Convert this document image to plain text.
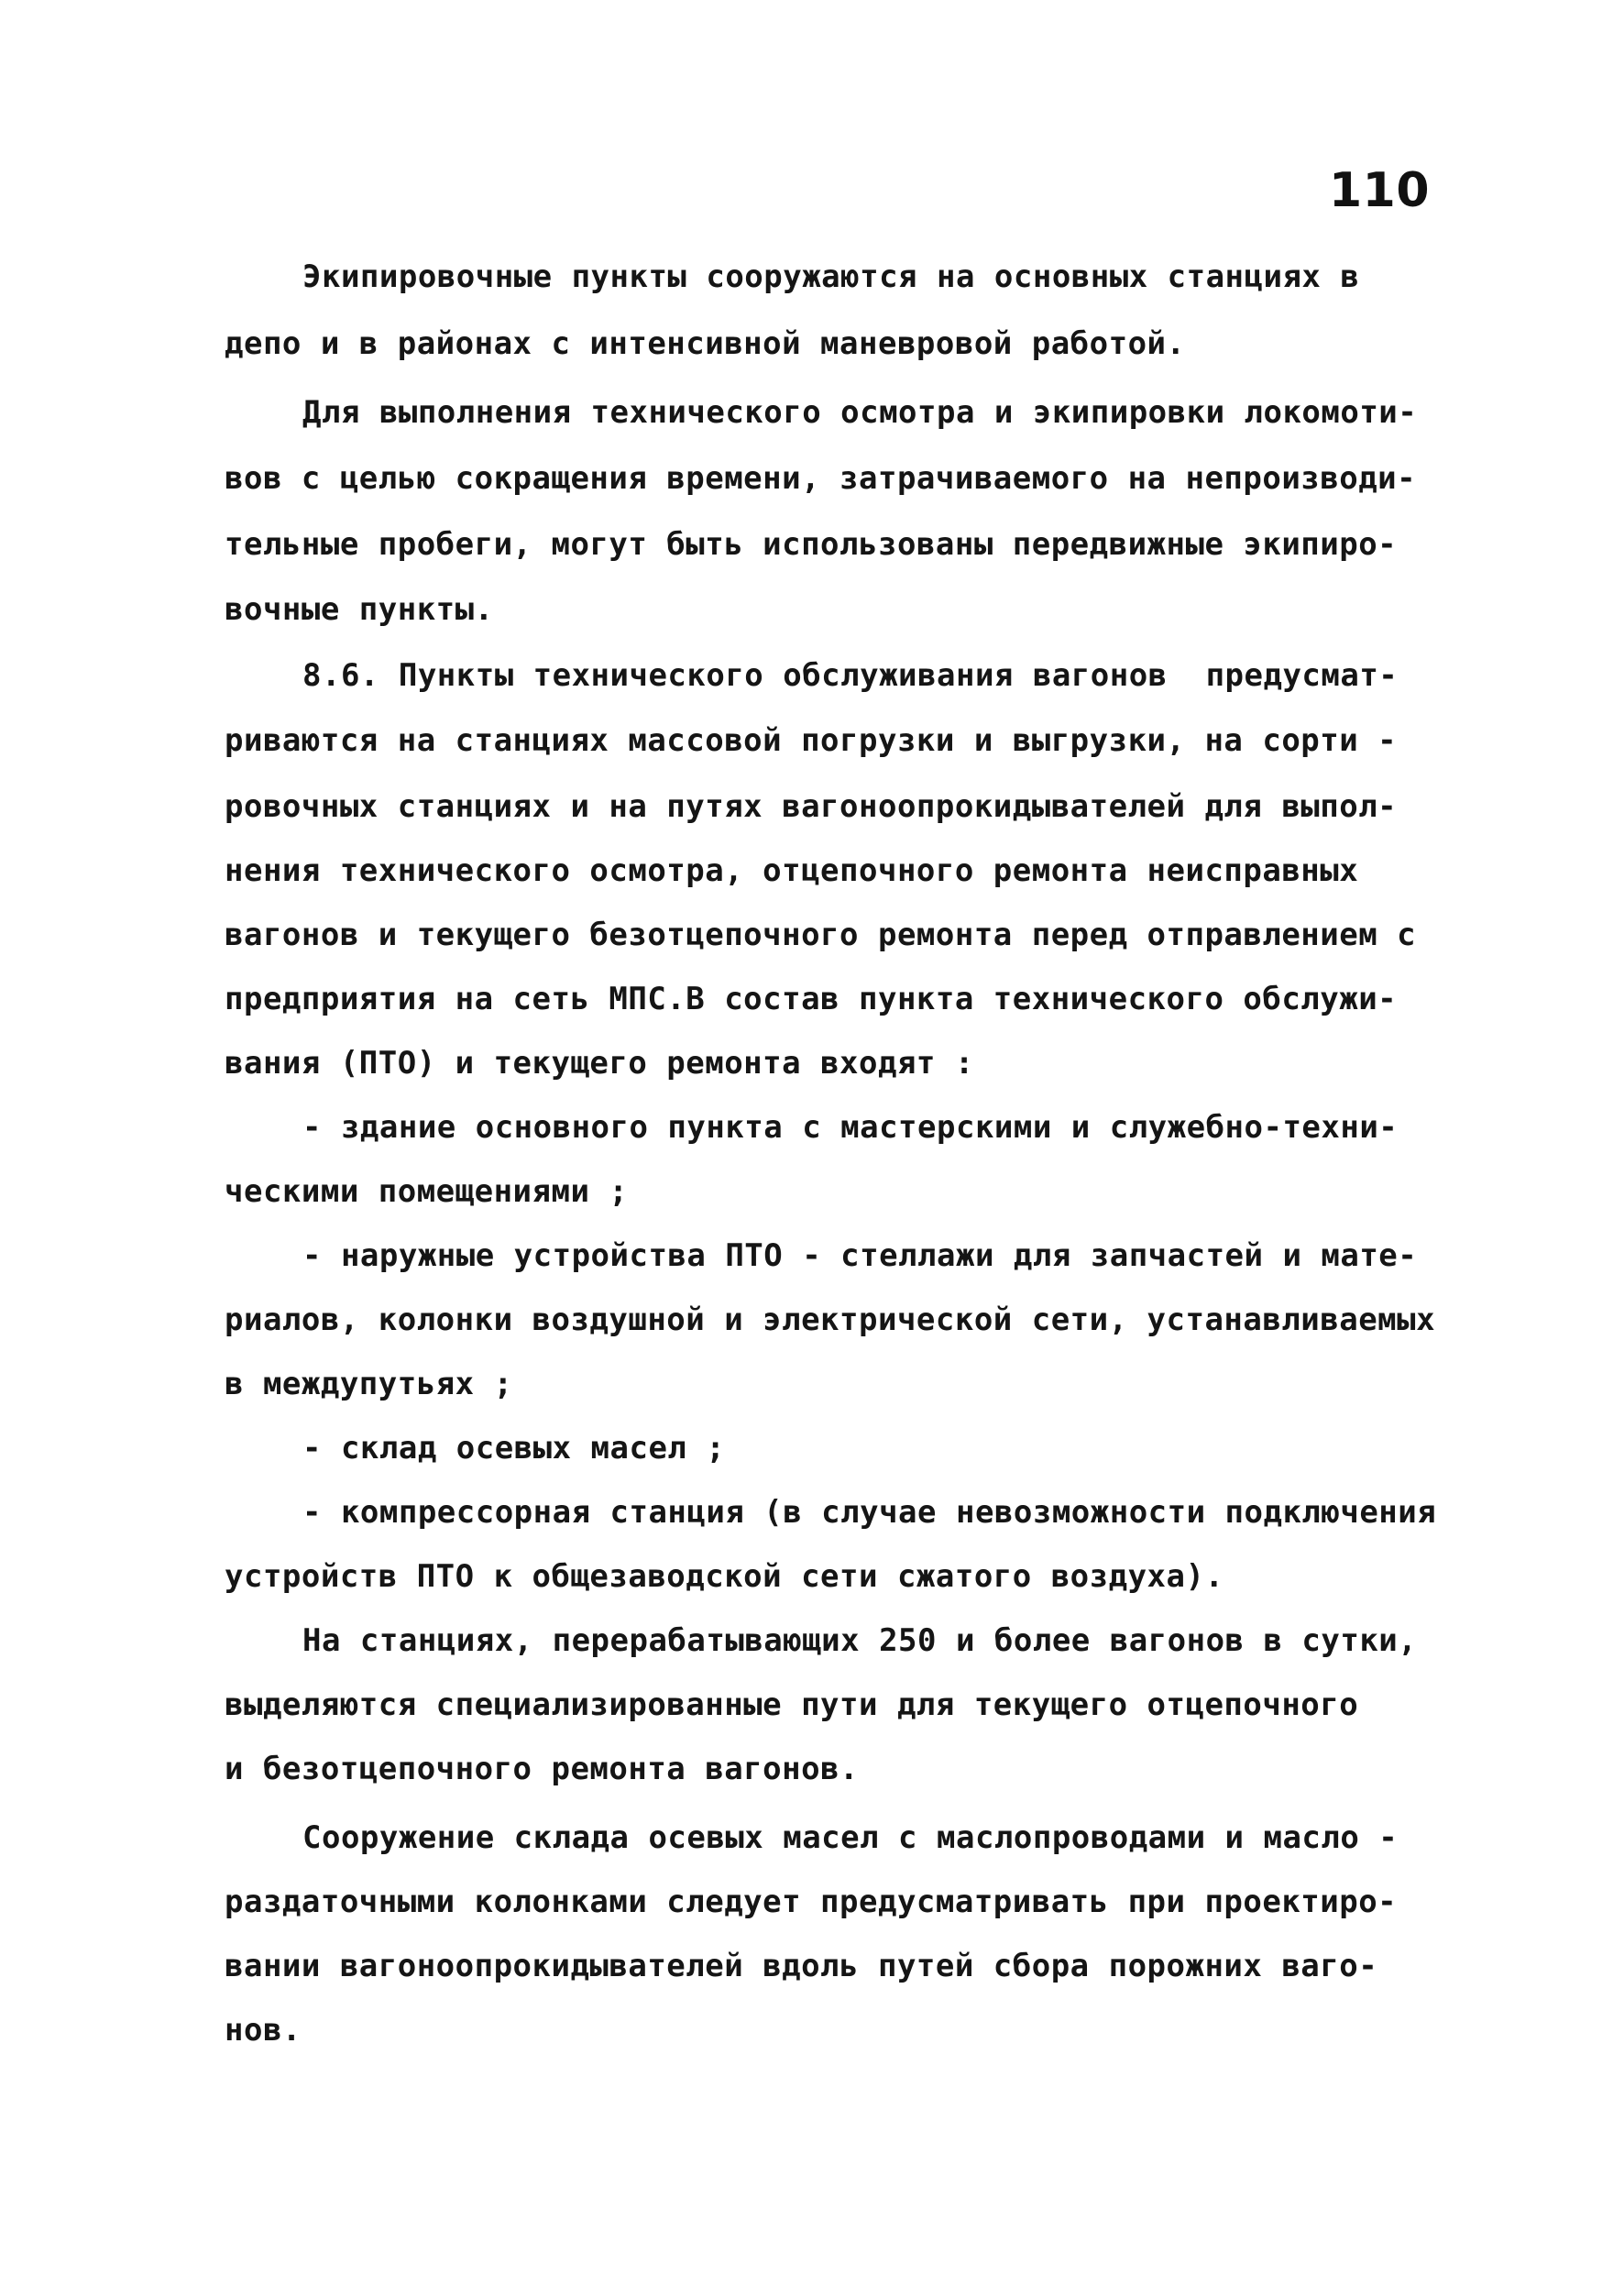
110
Экипировочные пункты сооружаются на основных станциях в
депо и в районах с интенсивной маневровой работой.
Для выполнения технического осмотра и экипировки локомоти-
вов с целью сокращения времени, затрачиваемого на непроизводи-
тельные пробеги, могут быть использованы передвижные экипиро-
вочные пункты.
8.6. Пункты технического обслуживания вагонов  предусмат-
риваются на станциях массовой погрузки и выгрузки, на сорти -
ровочных станциях и на путях вагоноопрокидывателей для выпол-
нения технического осмотра, отцепочного ремонта неисправных
вагонов и текущего безотцепочного ремонта перед отправлением с
предприятия на сеть МПС.В состав пункта технического обслужи-
вания (ПТО) и текущего ремонта входят :
- здание основного пункта с мастерскими и служебно-техни-
ческими помещениями ;
- наружные устройства ПТО - стеллажи для запчастей и мате-
риалов, колонки воздушной и электрической сети, устанавливаемых
в междупутьях ;
- склад осевых масел ;
- компрессорная станция (в случае невозможности подключения
устройств ПТО к общезаводской сети сжатого воздуха).
На станциях, перерабатывающих 250 и более вагонов в сутки,
выделяются специализированные пути для текущего отцепочного
и безотцепочного ремонта вагонов.
Сооружение склада осевых масел с маслопроводами и масло -
раздаточными колонками следует предусматривать при проектиро-
вании вагоноопрокидывателей вдоль путей сбора порожних ваго-
нов.
